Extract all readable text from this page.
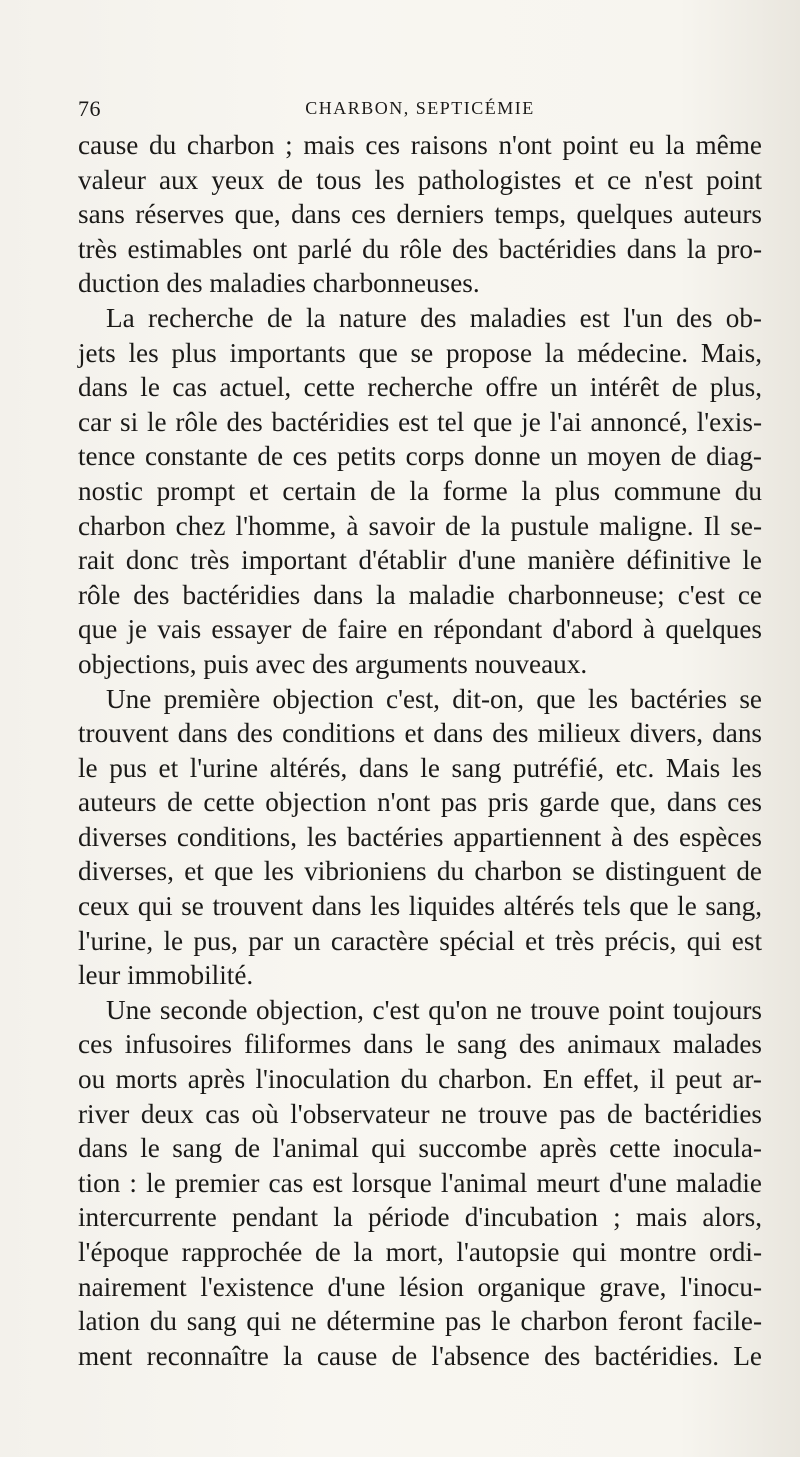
76	CHARBON, SEPTICÉMIE
cause du charbon ; mais ces raisons n'ont point eu la même
valeur aux yeux de tous les pathologistes et ce n'est point
sans réserves que, dans ces derniers temps, quelques auteurs
très estimables ont parlé du rôle des bactéridies dans la pro-
duction des maladies charbonneuses.
La recherche de la nature des maladies est l'un des ob-
jets les plus importants que se propose la médecine. Mais,
dans le cas actuel, cette recherche offre un intérêt de plus,
car si le rôle des bactéridies est tel que je l'ai annoncé, l'exis-
tence constante de ces petits corps donne un moyen de diag-
nostic prompt et certain de la forme la plus commune du
charbon chez l'homme, à savoir de la pustule maligne. Il se-
rait donc très important d'établir d'une manière définitive le
rôle des bactéridies dans la maladie charbonneuse; c'est ce
que je vais essayer de faire en répondant d'abord à quelques
objections, puis avec des arguments nouveaux.
Une première objection c'est, dit-on, que les bactéries se
trouvent dans des conditions et dans des milieux divers, dans
le pus et l'urine altérés, dans le sang putréfié, etc. Mais les
auteurs de cette objection n'ont pas pris garde que, dans ces
diverses conditions, les bactéries appartiennent à des espèces
diverses, et que les vibrioniens du charbon se distinguent de
ceux qui se trouvent dans les liquides altérés tels que le sang,
l'urine, le pus, par un caractère spécial et très précis, qui est
leur immobilité.
Une seconde objection, c'est qu'on ne trouve point toujours
ces infusoires filiformes dans le sang des animaux malades
ou morts après l'inoculation du charbon. En effet, il peut ar-
river deux cas où l'observateur ne trouve pas de bactéridies
dans le sang de l'animal qui succombe après cette inocula-
tion : le premier cas est lorsque l'animal meurt d'une maladie
intercurrente pendant la période d'incubation ; mais alors,
l'époque rapprochée de la mort, l'autopsie qui montre ordi-
nairement l'existence d'une lésion organique grave, l'inocu-
lation du sang qui ne détermine pas le charbon feront facile-
ment reconnaître la cause de l'absence des bactéridies. Le
